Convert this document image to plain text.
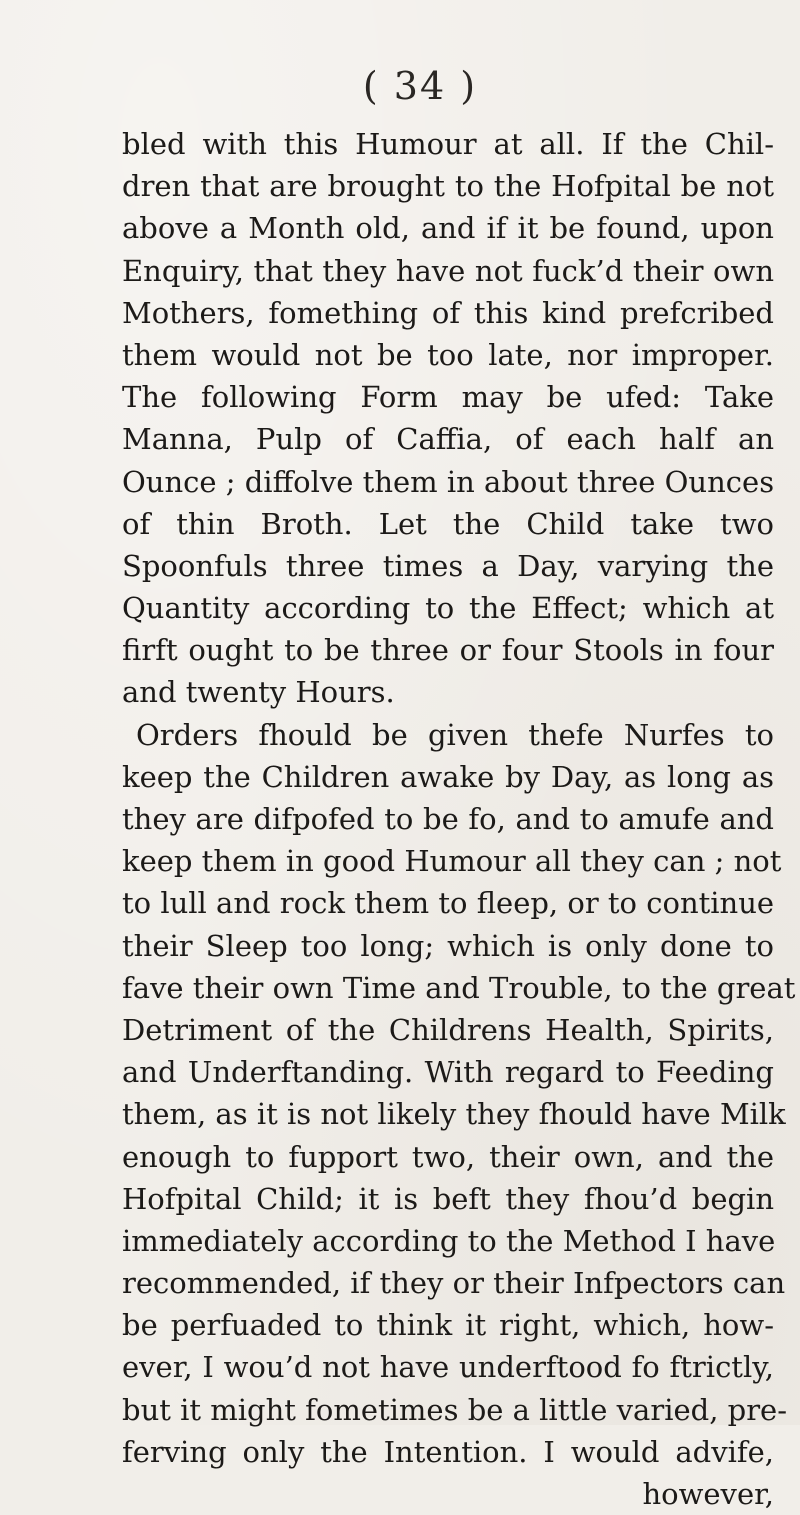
( 34 )
bled with this Humour at all. If the Chil-
dren that are brought to the Hofpital be not
above a Month old, and if it be found, upon
Enquiry, that they have not fuck’d their own
Mothers, fomething of this kind prefcribed
them would not be too late, nor improper.
The following Form may be ufed: Take
Manna, Pulp of Caffia, of each half an
Ounce ; diffolve them in about three Ounces
of thin Broth. Let the Child take two
Spoonfuls three times a Day, varying the
Quantity according to the Effect; which at
firft ought to be three or four Stools in four
and twenty Hours.
Orders fhould be given thefe Nurfes to
keep the Children awake by Day, as long as
they are difpofed to be fo, and to amufe and
keep them in good Humour all they can ; not
to lull and rock them to fleep, or to continue
their Sleep too long; which is only done to
fave their own Time and Trouble, to the great
Detriment of the Childrens Health, Spirits,
and Underftanding. With regard to Feeding
them, as it is not likely they fhould have Milk
enough to fupport two, their own, and the
Hofpital Child; it is beft they fhou’d begin
immediately according to the Method I have
recommended, if they or their Infpectors can
be perfuaded to think it right, which, how-
ever, I wou’d not have underftood fo ftrictly,
but it might fometimes be a little varied, pre-
ferving only the Intention. I would advife,
however,
